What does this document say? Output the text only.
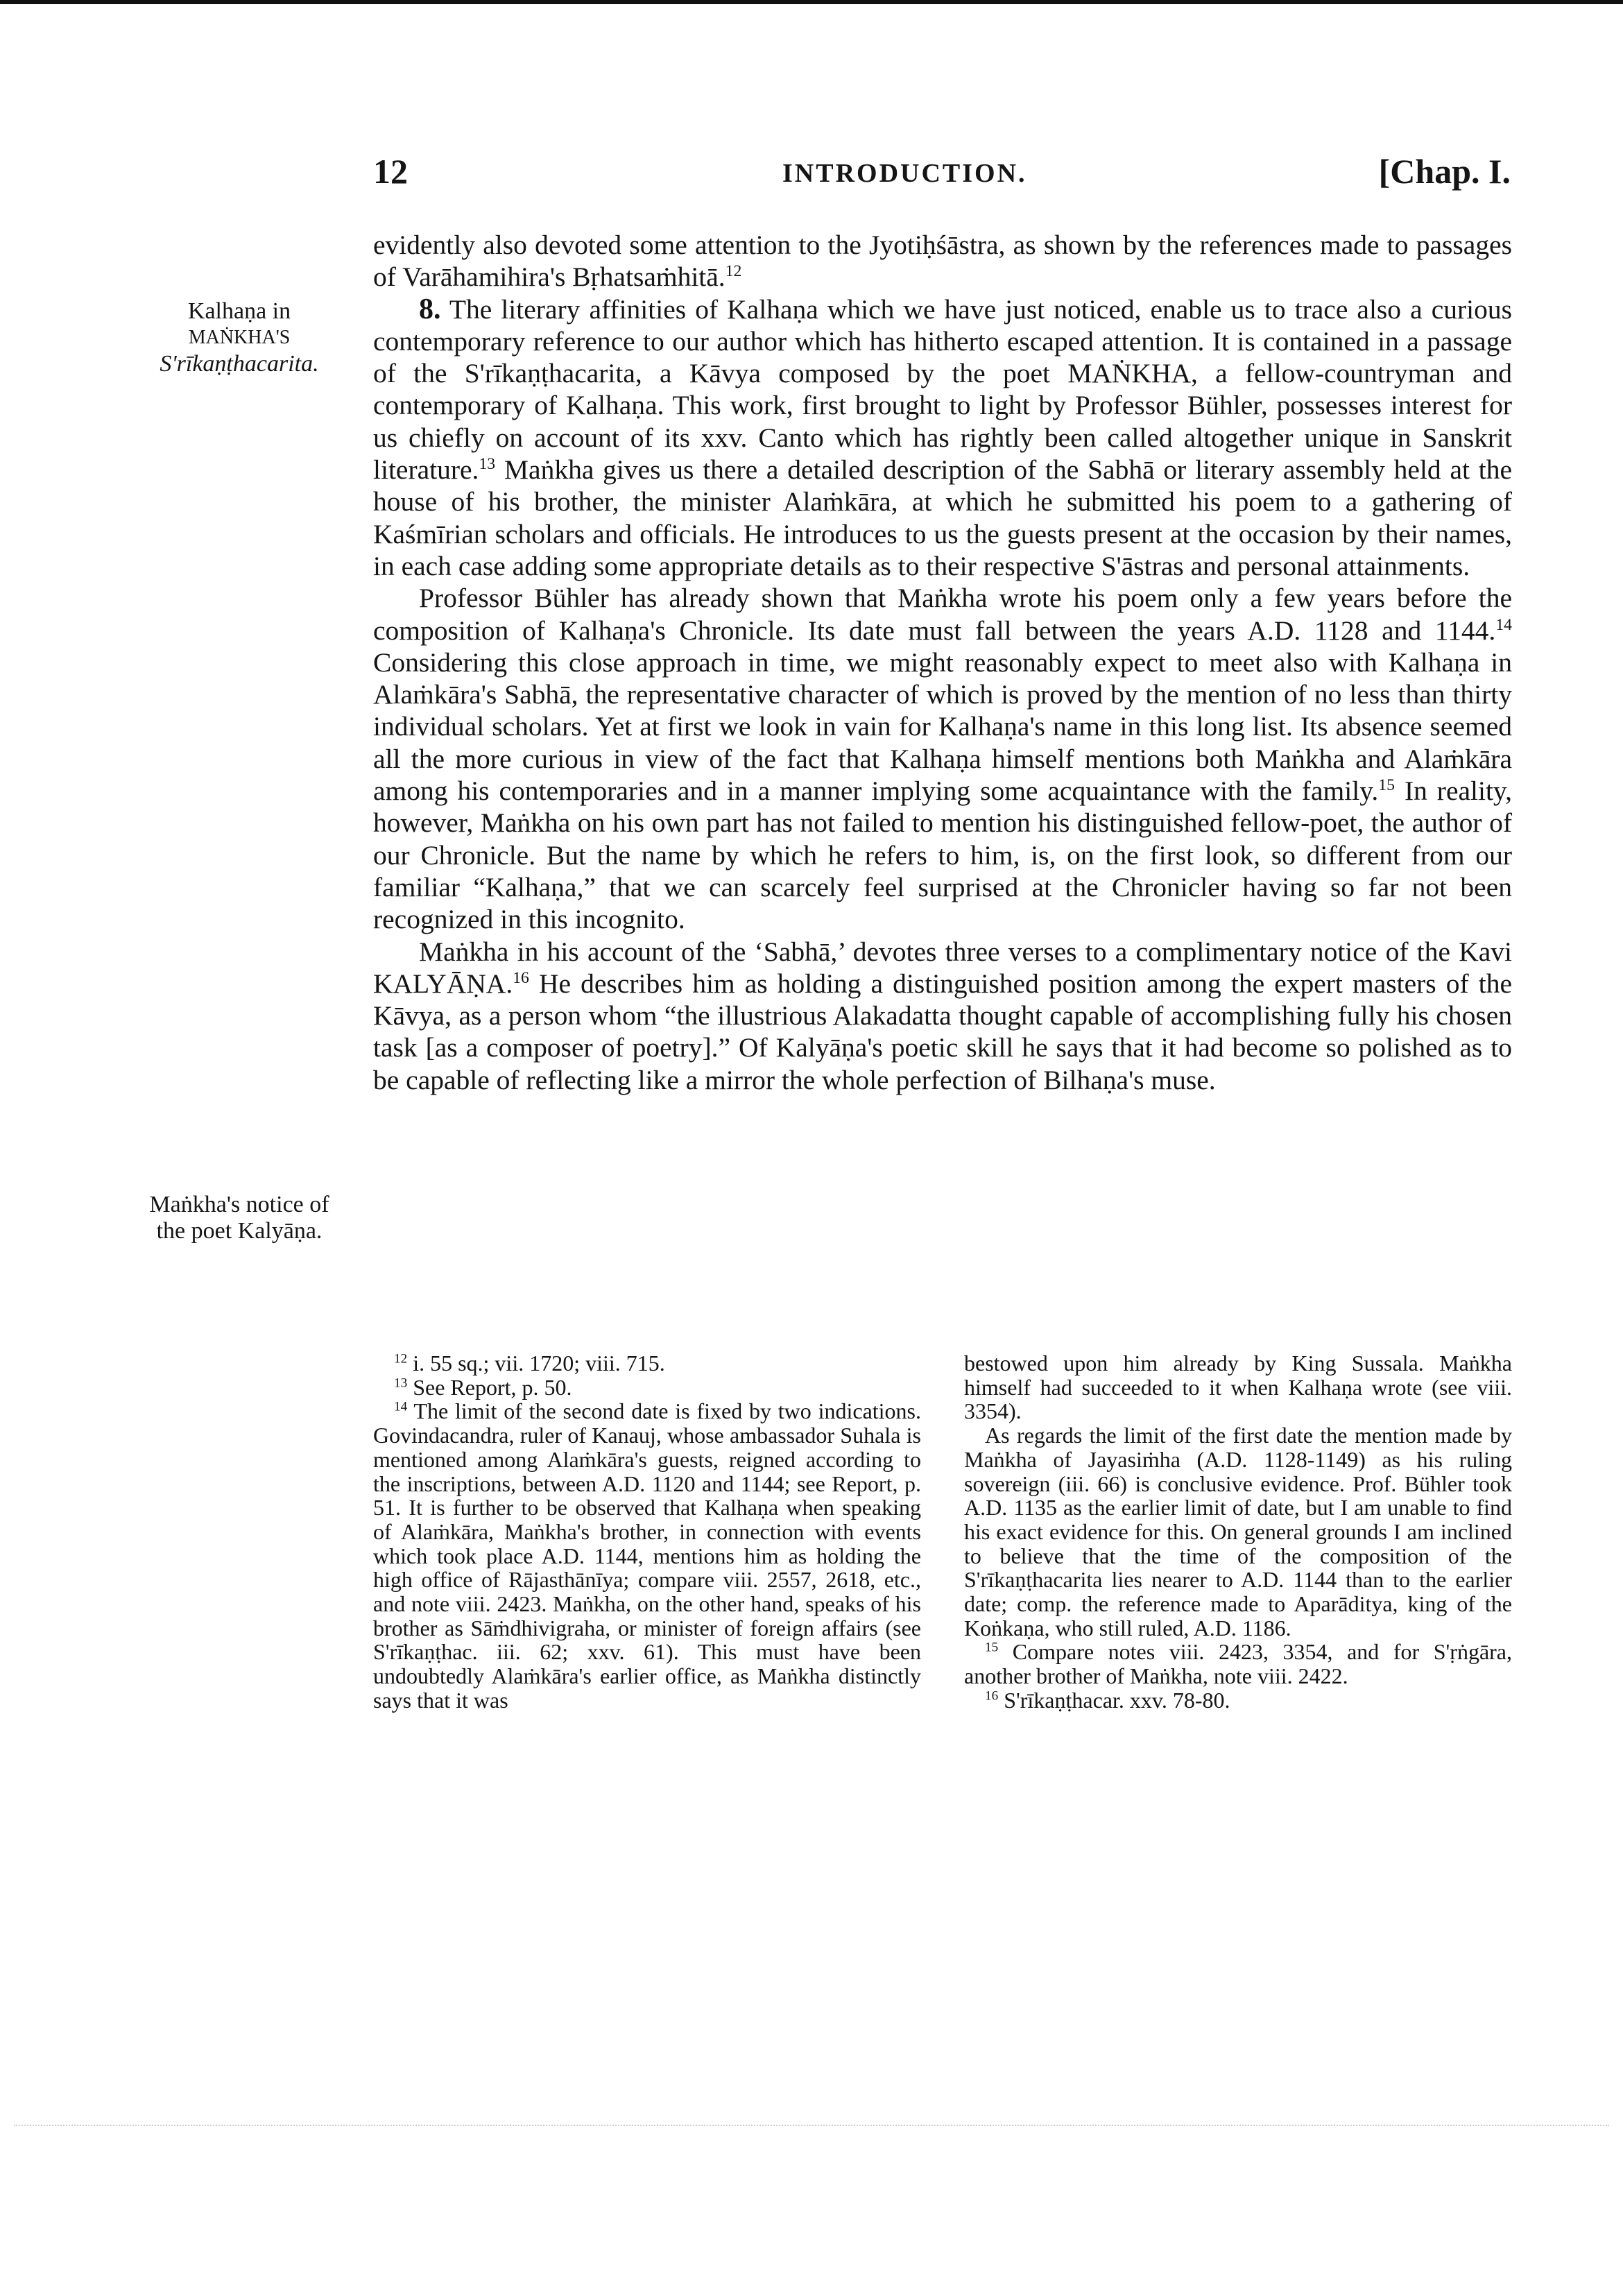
12	INTRODUCTION.	[Chap. I.
Kalhaṇa in
MAṄKHA'S
S'rīkaṇṭhacarita.
Maṅkha's notice of
the poet Kalyāṇa.

evidently also devoted some attention to the Jyotiḥśāstra, as shown by the references made to passages of Varāhamihira's Bṛhatsaṁhitā.$^{12}$

8. The literary affinities of Kalhaṇa which we have just noticed, enable us to trace also a curious contemporary reference to our author which has hitherto escaped attention. It is contained in a passage of the S'rīkaṇṭhacarita, a Kāvya composed by the poet MAṄKHA, a fellow-countryman and contemporary of Kalhaṇa. This work, first brought to light by Professor Bühler, possesses interest for us chiefly on account of its xxv. Canto which has rightly been called altogether unique in Sanskrit literature.$^{13}$ Maṅkha gives us there a detailed description of the Sabhā or literary assembly held at the house of his brother, the minister Alaṁkāra, at which he submitted his poem to a gathering of Kaśmīrian scholars and officials. He introduces to us the guests present at the occasion by their names, in each case adding some appropriate details as to their respective S'āstras and personal attainments.

Professor Bühler has already shown that Maṅkha wrote his poem only a few years before the composition of Kalhaṇa's Chronicle. Its date must fall between the years A.D. 1128 and 1144.14 Considering this close approach in time, we might reasonably expect to meet also with Kalhaṇa in Alaṁkāra's Sabhā, the representative character of which is proved by the mention of no less than thirty individual scholars. Yet at first we look in vain for Kalhaṇa's name in this long list. Its absence seemed all the more curious in view of the fact that Kalhaṇa himself mentions both Maṅkha and Alaṁkāra among his contemporaries and in a manner implying some acquaintance with the family.$^{15}$ In reality, however, Maṅkha on his own part has not failed to mention his distinguished fellow-poet, the author of our Chronicle. But the name by which he refers to him, is, on the first look, so different from our familiar “Kalhaṇa,” that we can scarcely feel surprised at the Chronicler having so far not been recognized in this incognito.

Maṅkha in his account of the ‘Sabhā,’ devotes three verses to a complimentary notice of the Kavi KALYĀṆA.$^{16}$ He describes him as holding a distinguished position among the expert masters of the Kāvya, as a person whom “the illustrious Alakadatta thought capable of accomplishing fully his chosen task [as a composer of poetry].” Of Kalyāṇa's poetic skill he says that it had become so polished as to be capable of reflecting like a mirror the whole perfection of Bilhaṇa's muse.

$^{12}$ i. 55 sq.; vii. 1720; viii. 715.

$^{13}$ See Report, p. 50.

$^{14}$ The limit of the second date is fixed by two indications. Govindacandra, ruler of Kanauj, whose ambassador Suhala is mentioned among Alaṁkāra's guests, reigned according to the inscriptions, between A.D. 1120 and 1144; see Report, p. 51. It is further to be observed that Kalhaṇa when speaking of Alaṁkāra, Maṅkha's brother, in connection with events which took place A.D. 1144, mentions him as holding the high office of Rājasthānīya; compare viii. 2557, 2618, etc., and note viii. 2423. Maṅkha, on the other hand, speaks of his brother as Sāṁdhivigraha, or minister of foreign affairs (see S'rīkaṇṭhac. iii. 62; xxv. 61). This must have been undoubtedly Alaṁkāra's earlier office, as Maṅkha distinctly says that it was

bestowed upon him already by King Sussala. Maṅkha himself had succeeded to it when Kalhaṇa wrote (see viii. 3354).

As regards the limit of the first date the mention made by Maṅkha of Jayasiṁha (A.D. 1128-1149) as his ruling sovereign (iii. 66) is conclusive evidence. Prof. Bühler took A.D. 1135 as the earlier limit of date, but I am unable to find his exact evidence for this. On general grounds I am inclined to believe that the time of the composition of the S'rīkaṇṭhacarita lies nearer to A.D. 1144 than to the earlier date; comp. the reference made to Aparāditya, king of the Koṅkaṇa, who still ruled, A.D. 1186.

$^{15}$ Compare notes viii. 2423, 3354, and for S'ṛṅgāra, another brother of Maṅkha, note viii. 2422.

$^{16}$ S'rīkaṇṭhacar. xxv. 78-80.
